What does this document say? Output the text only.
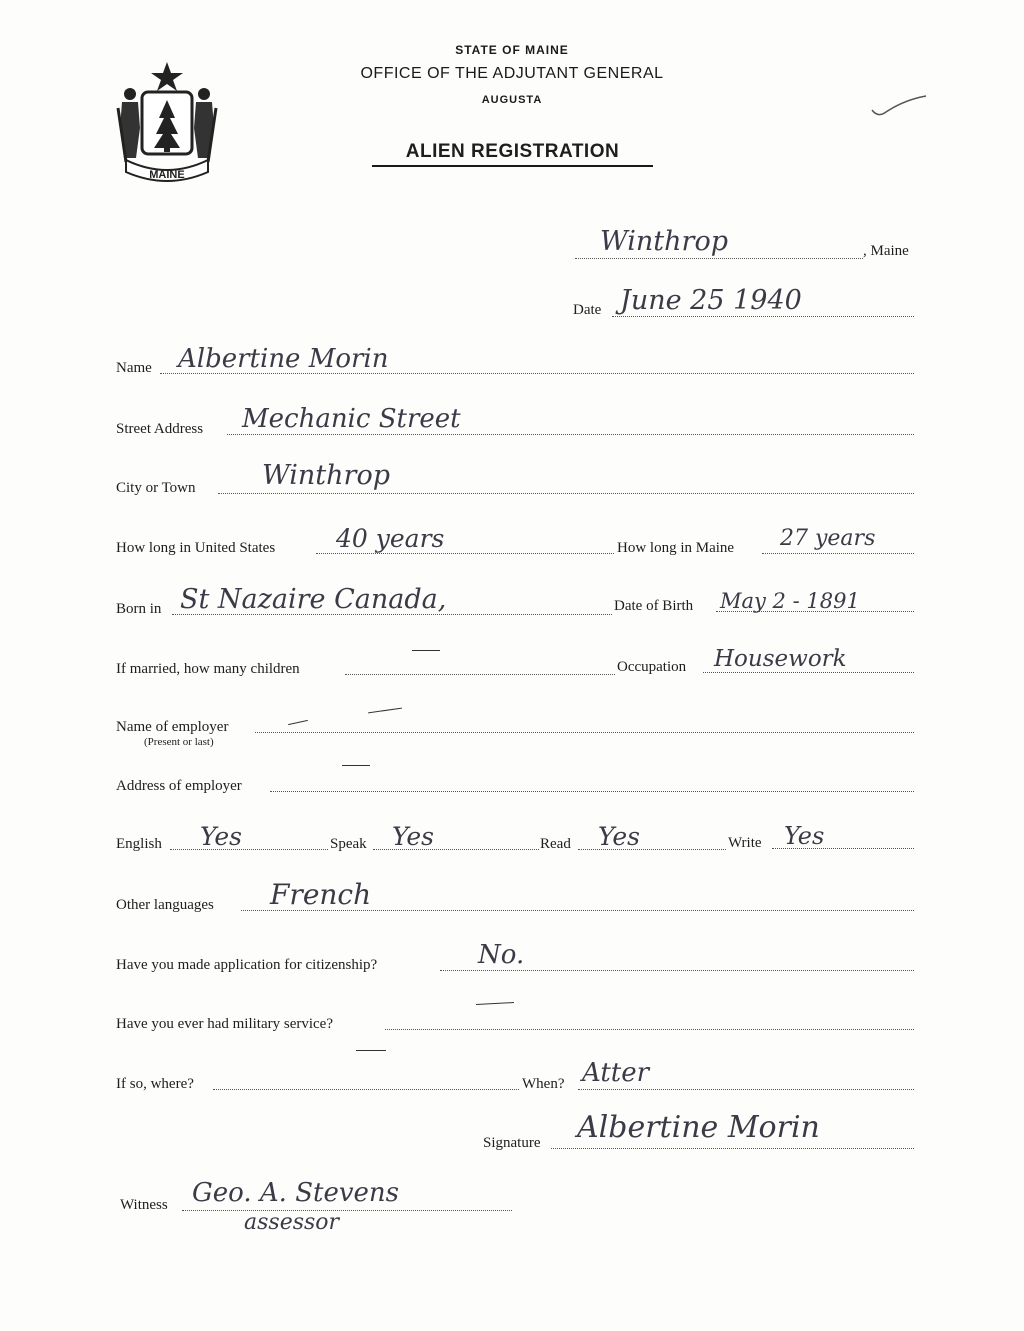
MAINE
STATE OF MAINE
OFFICE OF THE ADJUTANT GENERAL
AUGUSTA
ALIEN REGISTRATION
Winthrop	, Maine
Date June 25 1940
Name Albertine Morin
Street Address Mechanic Street
City or Town Winthrop
How long in United States 40 years	How long in Maine 27 years
Born in St Nazaire Canada,	Date of Birth May 2 - 1891
If married, how many children	Occupation Housework
Name of employer
(Present or last)
Address of employer
English Yes	Speak Yes	Read Yes	Write Yes
Other languages French
Have you made application for citizenship?	No.
Have you ever had military service?
If so, where?	When? Atter
Signature Albertine Morin
Witness Geo. A. Stevens
assessor
